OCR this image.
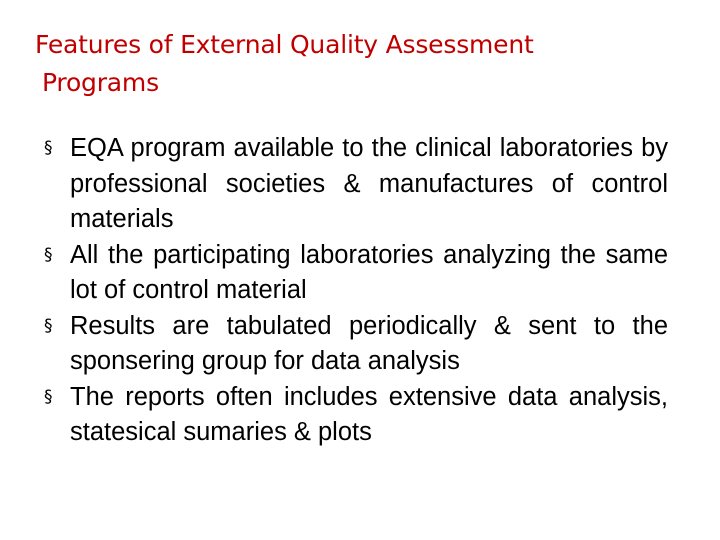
Features of External Quality Assessment
Programs
§ EQA program available to the clinical laboratories by professional societies & manufactures of control materials
§ All the participating laboratories analyzing the same lot of control material
§ Results are tabulated periodically & sent to the sponsering group for data analysis
§ The reports often includes extensive data analysis, statesical sumaries & plots
